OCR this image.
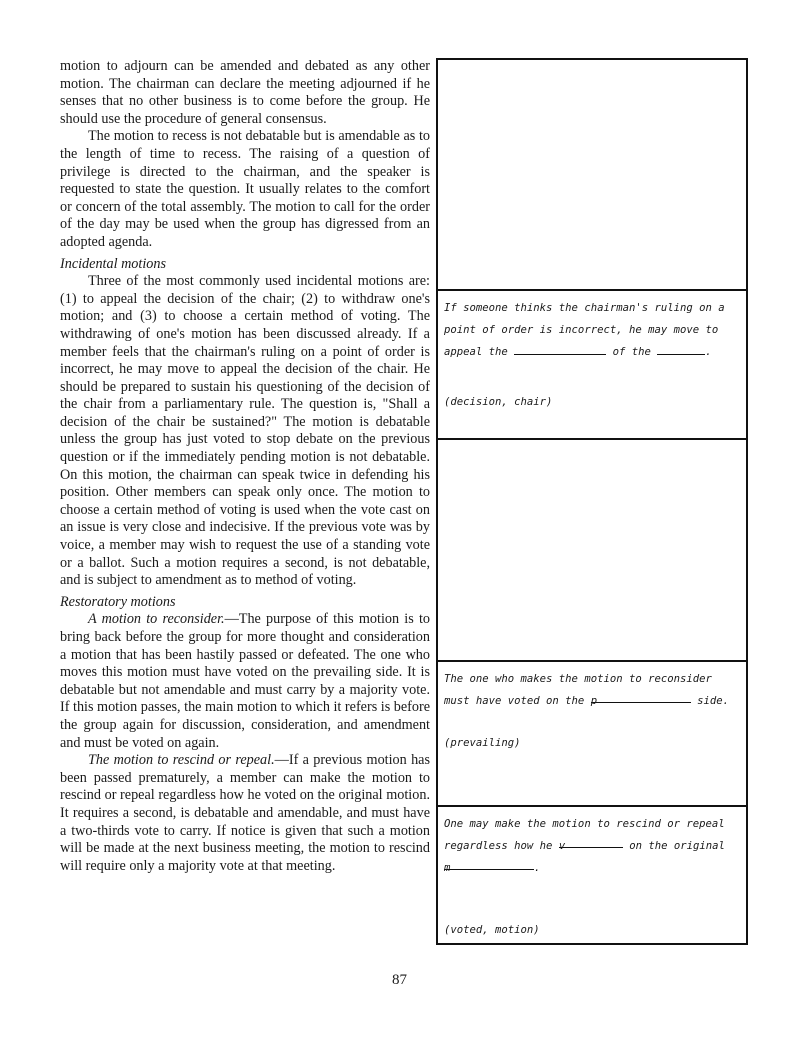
motion to adjourn can be amended and debated as any other motion. The chairman can declare the meeting adjourned if he senses that no other business is to come before the group. He should use the procedure of general consensus.

The motion to recess is not debatable but is amendable as to the length of time to recess. The raising of a question of privilege is directed to the chairman, and the speaker is requested to state the question. It usually relates to the comfort or concern of the total assembly. The motion to call for the order of the day may be used when the group has digressed from an adopted agenda.

Incidental motions

Three of the most commonly used incidental motions are: (1) to appeal the decision of the chair; (2) to withdraw one's motion; and (3) to choose a certain method of voting. The withdrawing of one's motion has been discussed already. If a member feels that the chairman's ruling on a point of order is incorrect, he may move to appeal the decision of the chair. He should be prepared to sustain his questioning of the decision of the chair from a parliamentary rule. The question is, "Shall a decision of the chair be sustained?" The motion is debatable unless the group has just voted to stop debate on the previous question or if the immediately pending motion is not debatable. On this motion, the chairman can speak twice in defending his position. Other members can speak only once. The motion to choose a certain method of voting is used when the vote cast on an issue is very close and indecisive. If the previous vote was by voice, a member may wish to request the use of a standing vote or a ballot. Such a motion requires a second, is not debatable, and is subject to amendment as to method of voting.

Restoratory motions

A motion to reconsider.—The purpose of this motion is to bring back before the group for more thought and consideration a motion that has been hastily passed or defeated. The one who moves this motion must have voted on the prevailing side. It is debatable but not amendable and must carry by a majority vote. If this motion passes, the main motion to which it refers is before the group again for discussion, consideration, and amendment and must be voted on again.

The motion to rescind or repeal.—If a previous motion has been passed prematurely, a member can make the motion to rescind or repeal regardless how he voted on the original motion. It requires a second, is debatable and amendable, and must have a two-thirds vote to carry. If notice is given that such a motion will be made at the next business meeting, the motion to rescind will require only a majority vote at that meeting.

If someone thinks the chairman's ruling on a
point of order is incorrect, he may move to
appeal the	of the	.
(decision, chair)
The one who makes the motion to reconsider
must have voted on the p	side.
(prevailing)
One may make the motion to rescind or repeal
regardless how he v	on the original
m	.
(voted, motion)
87
